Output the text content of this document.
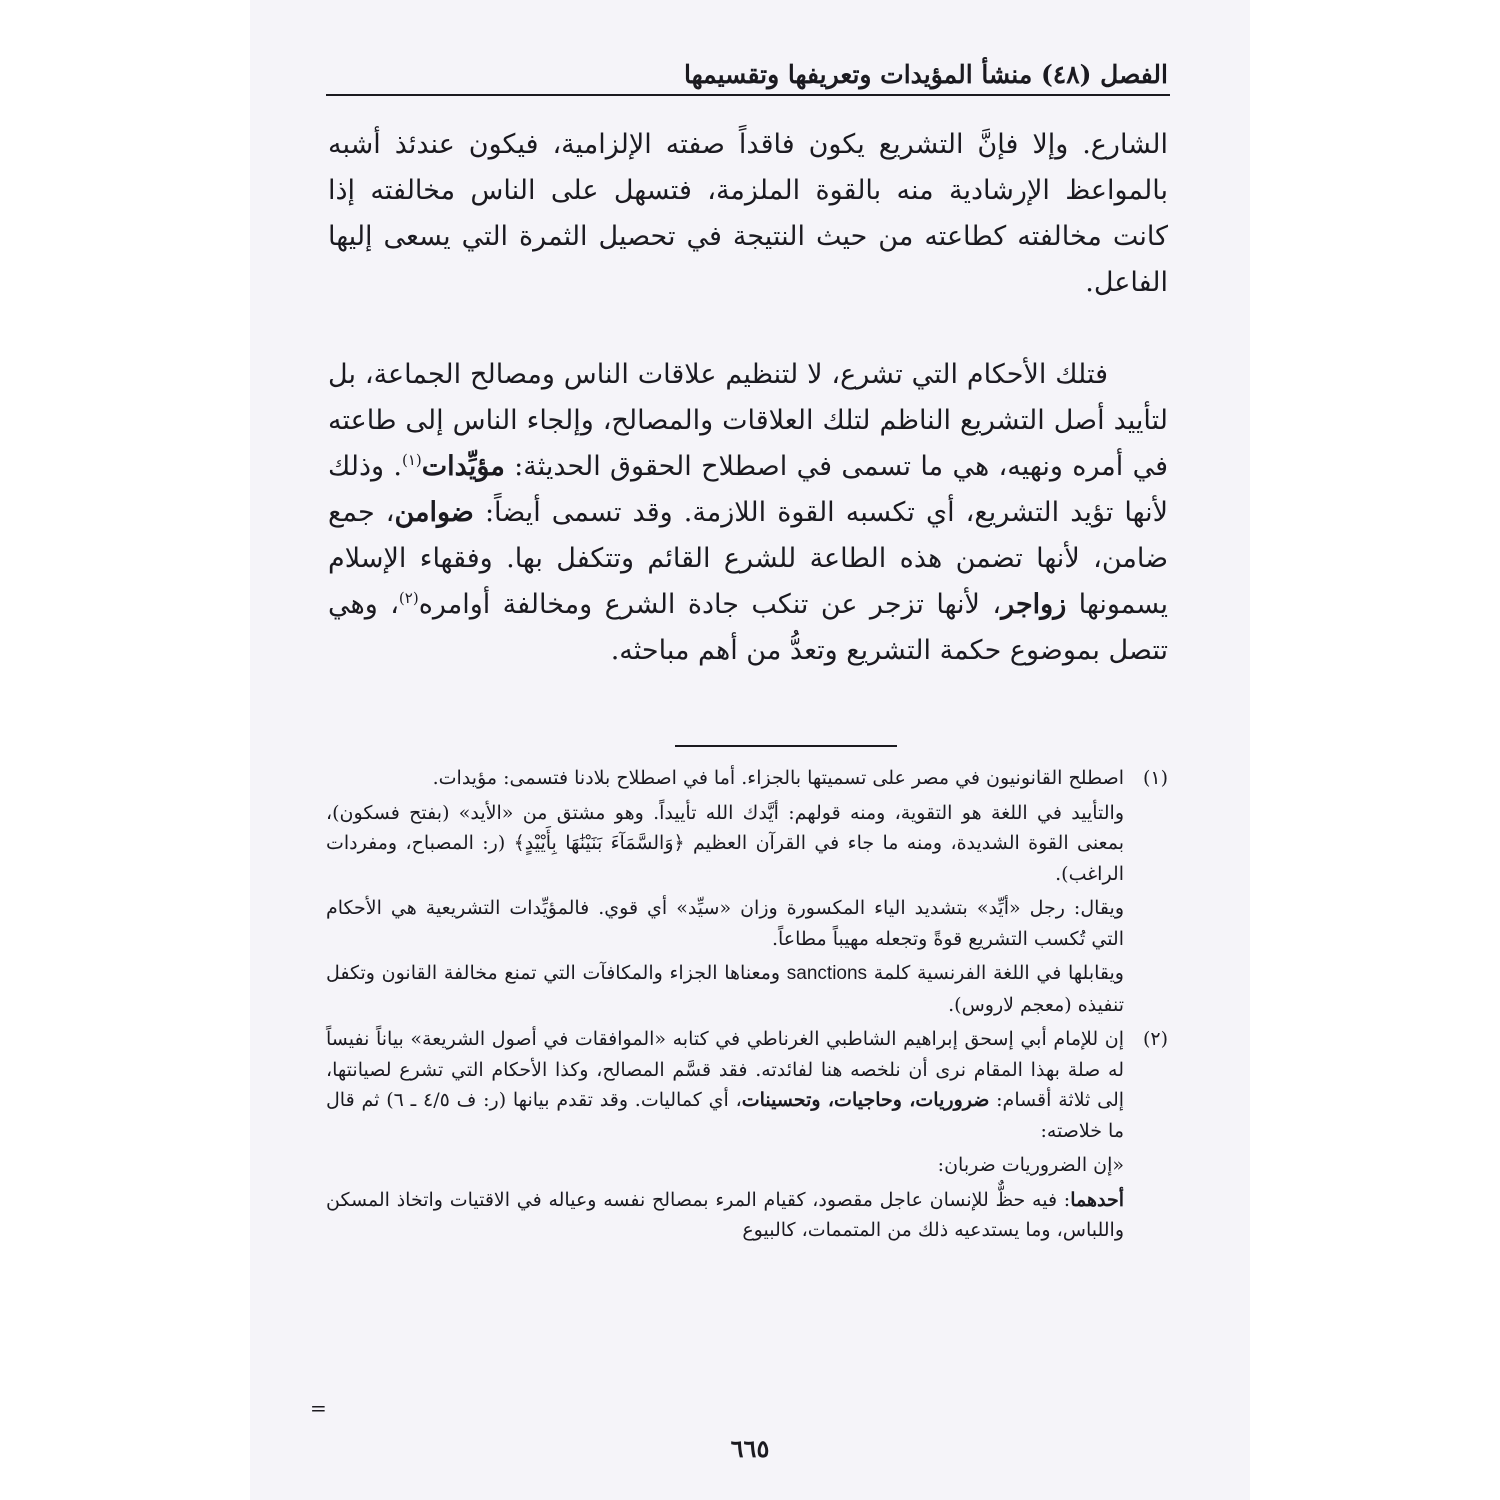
الفصل (٤٨) منشأ المؤيدات وتعريفها وتقسيمها

الشارع. وإلا فإنَّ التشريع يكون فاقداً صفته الإلزامية، فيكون عندئذ أشبه بالمواعظ الإرشادية منه بالقوة الملزمة، فتسهل على الناس مخالفته إذا كانت مخالفته كطاعته من حيث النتيجة في تحصيل الثمرة التي يسعى إليها الفاعل.

فتلك الأحكام التي تشرع، لا لتنظيم علاقات الناس ومصالح الجماعة، بل لتأييد أصل التشريع الناظم لتلك العلاقات والمصالح، وإلجاء الناس إلى طاعته في أمره ونهيه، هي ما تسمى في اصطلاح الحقوق الحديثة: مؤيِّدات$^{(١)}$. وذلك لأنها تؤيد التشريع، أي تكسبه القوة اللازمة. وقد تسمى أيضاً: ضوامن، جمع ضامن، لأنها تضمن هذه الطاعة للشرع القائم وتتكفل بها. وفقهاء الإسلام يسمونها زواجر، لأنها تزجر عن تنكب جادة الشرع ومخالفة أوامره$^{(٢)}$، وهي تتصل بموضوع حكمة التشريع وتعدُّ من أهم مباحثه.

(١)

اصطلح القانونيون في مصر على تسميتها بالجزاء. أما في اصطلاح بلادنا فتسمى: مؤيدات.

والتأييد في اللغة هو التقوية، ومنه قولهم: أيَّدك الله تأييداً. وهو مشتق من «الأيد» (بفتح فسكون)، بمعنى القوة الشديدة، ومنه ما جاء في القرآن العظيم ﴿وَالسَّمَآءَ بَنَيْنَٰهَا بِأَيْيْدٍ﴾ (ر: المصباح، ومفردات الراغب).

ويقال: رجل «أيِّد» بتشديد الياء المكسورة وزان «سيِّد» أي قوي. فالمؤيِّدات التشريعية هي الأحكام التي تُكسب التشريع قوةً وتجعله مهيباً مطاعاً.

ويقابلها في اللغة الفرنسية كلمة sanctions ومعناها الجزاء والمكافآت التي تمنع مخالفة القانون وتكفل تنفيذه (معجم لاروس).

(٢)

إن للإمام أبي إسحق إبراهيم الشاطبي الغرناطي في كتابه «الموافقات في أصول الشريعة» بياناً نفيساً له صلة بهذا المقام نرى أن نلخصه هنا لفائدته. فقد قسَّم المصالح، وكذا الأحكام التي تشرع لصيانتها، إلى ثلاثة أقسام: ضروريات، وحاجيات، وتحسينات، أي كماليات. وقد تقدم بيانها (ر: ف ٤/٥ ـ ٦) ثم قال ما خلاصته:

«إن الضروريات ضربان:

أحدهما: فيه حظٌّ للإنسان عاجل مقصود، كقيام المرء بمصالح نفسه وعياله في الاقتيات واتخاذ المسكن واللباس، وما يستدعيه ذلك من المتممات، كالبيوع

=
٦٦٥
